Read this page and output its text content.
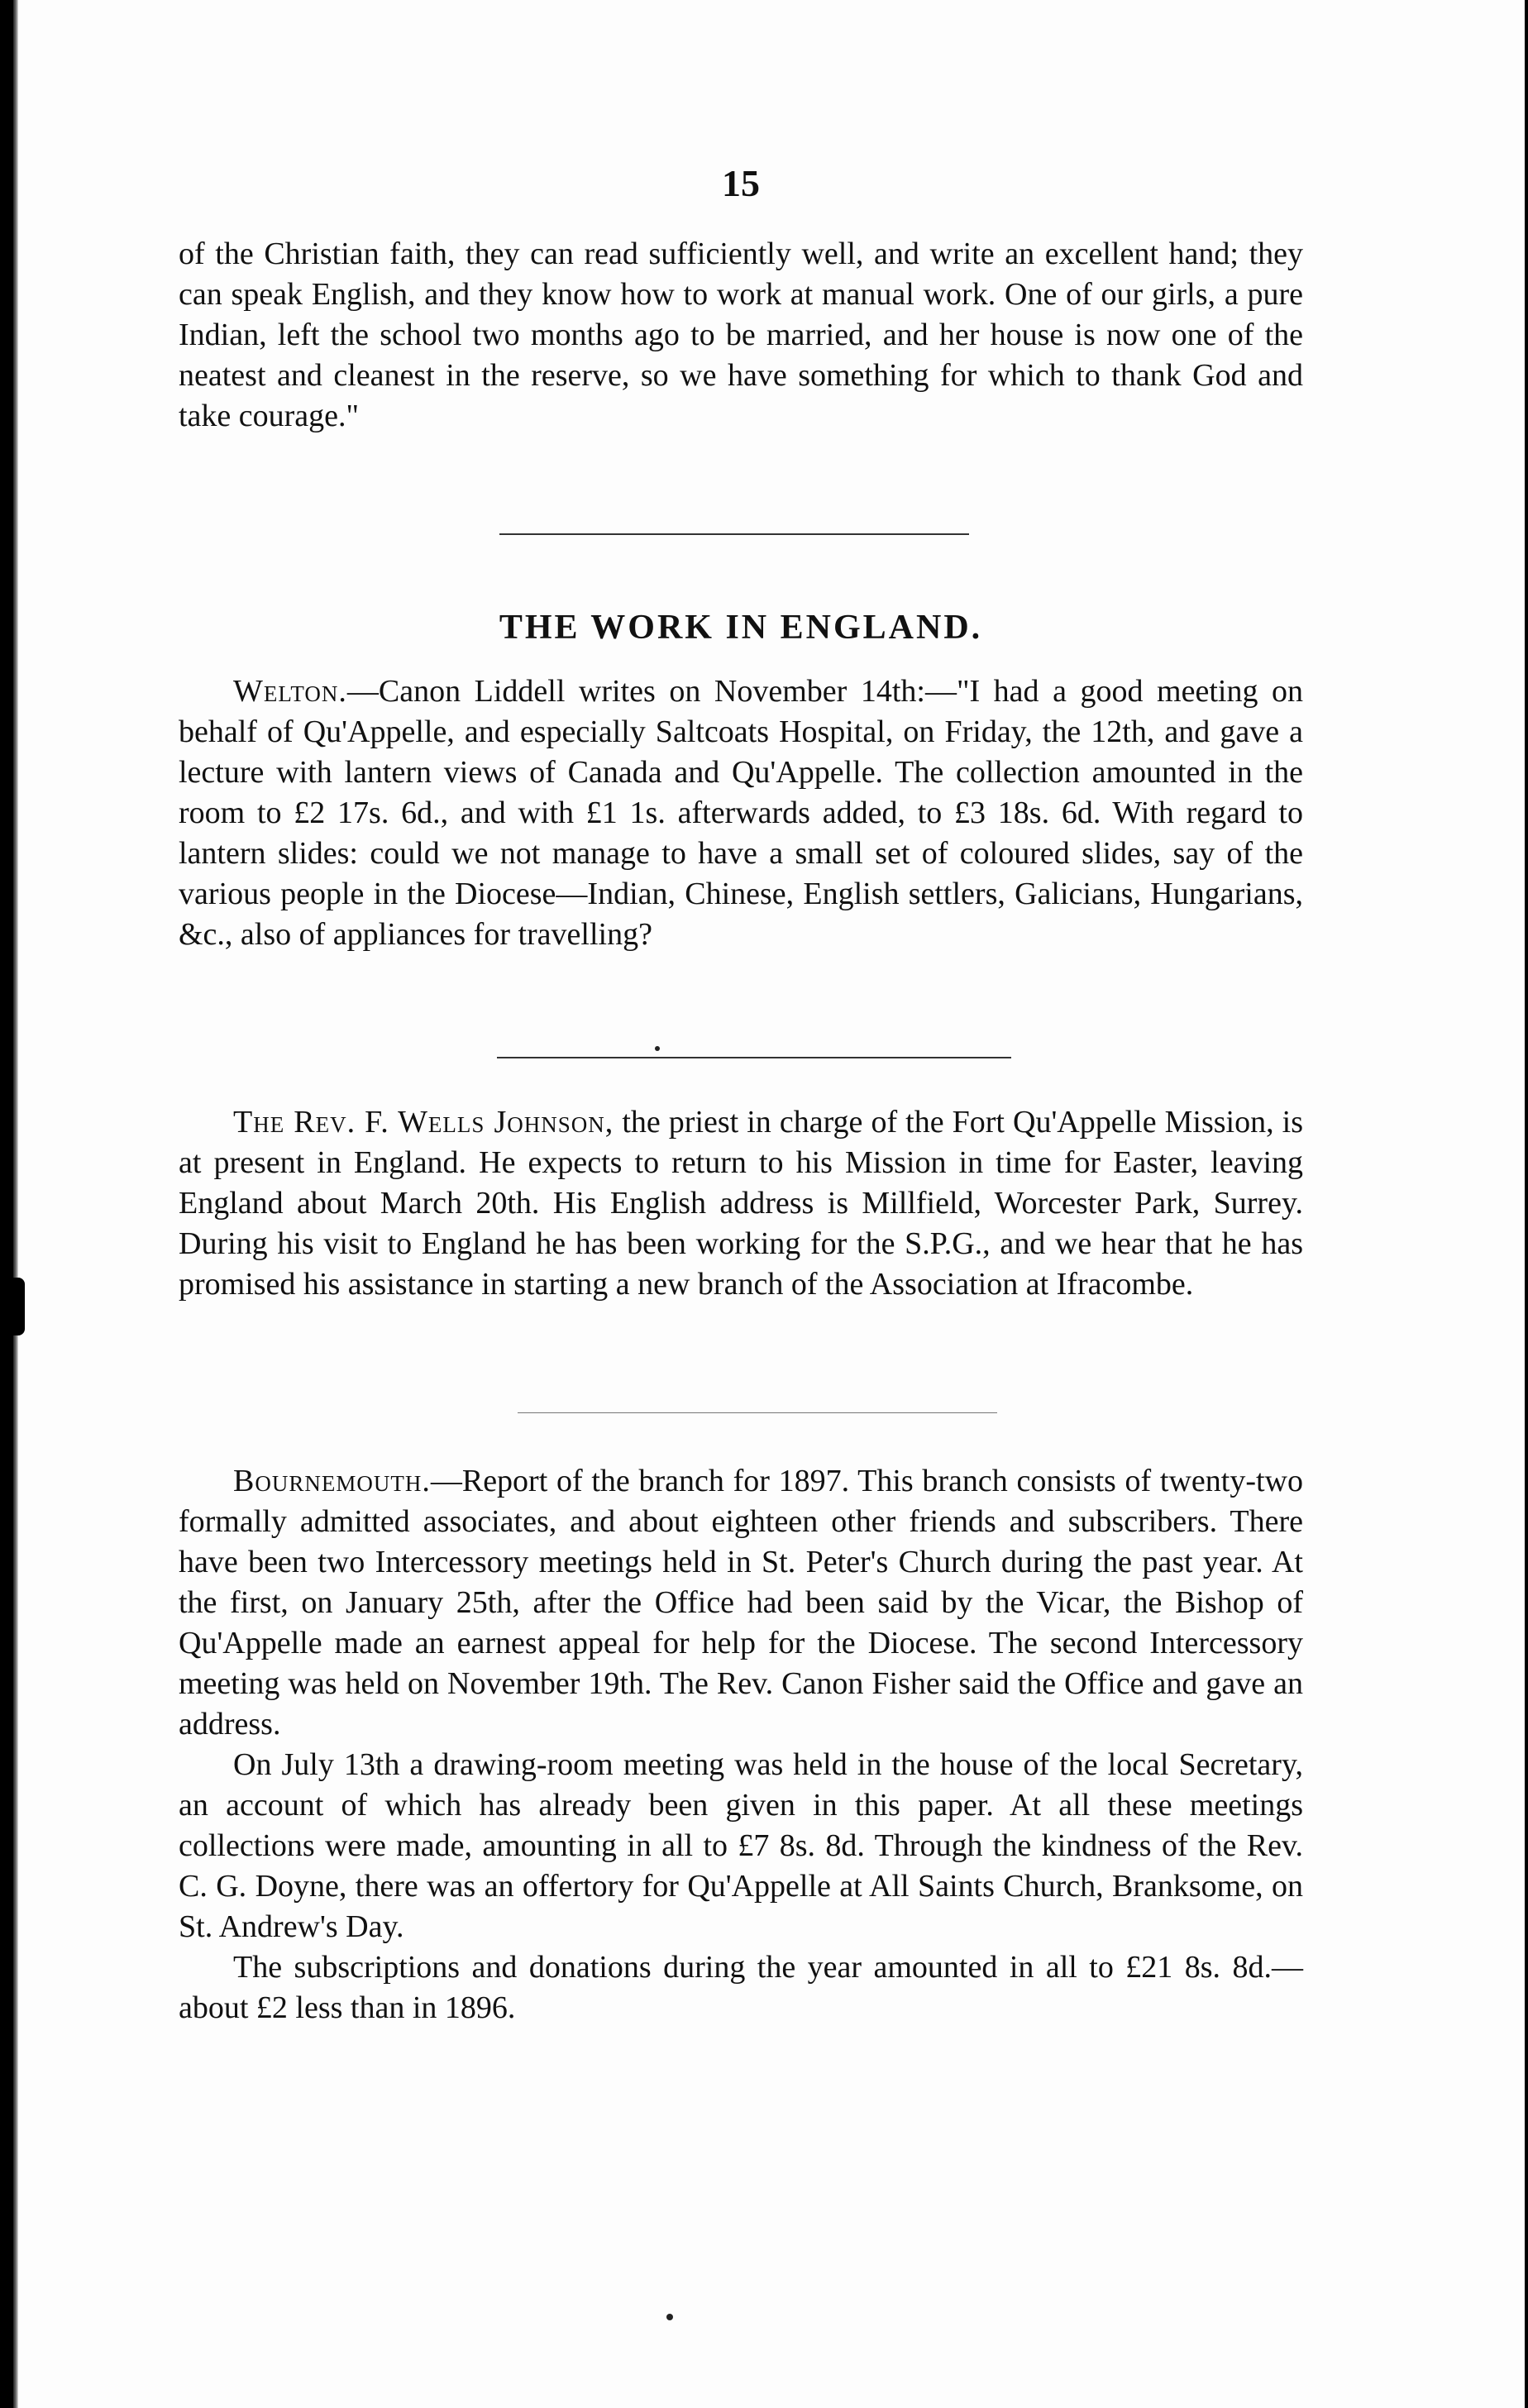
15

of the Christian faith, they can read sufficiently well, and write an excellent hand; they can speak English, and they know how to work at manual work. One of our girls, a pure Indian, left the school two months ago to be married, and her house is now one of the neatest and cleanest in the reserve, so we have something for which to thank God and take courage."

THE WORK IN ENGLAND.

Welton.—Canon Liddell writes on November 14th:—"I had a good meeting on behalf of Qu'Appelle, and especially Saltcoats Hospital, on Friday, the 12th, and gave a lecture with lantern views of Canada and Qu'Appelle. The collection amounted in the room to £2 17s. 6d., and with £1 1s. afterwards added, to £3 18s. 6d. With regard to lantern slides: could we not manage to have a small set of coloured slides, say of the various people in the Diocese—Indian, Chinese, English settlers, Galicians, Hungarians, &c., also of appliances for travelling?

The Rev. F. Wells Johnson, the priest in charge of the Fort Qu'Appelle Mission, is at present in England. He expects to return to his Mission in time for Easter, leaving England about March 20th. His English address is Millfield, Worcester Park, Surrey. During his visit to England he has been working for the S.P.G., and we hear that he has promised his assistance in starting a new branch of the Association at Ifracombe.

Bournemouth.—Report of the branch for 1897. This branch consists of twenty-two formally admitted associates, and about eighteen other friends and subscribers. There have been two Intercessory meetings held in St. Peter's Church during the past year. At the first, on January 25th, after the Office had been said by the Vicar, the Bishop of Qu'Appelle made an earnest appeal for help for the Diocese. The second Intercessory meeting was held on November 19th. The Rev. Canon Fisher said the Office and gave an address.

On July 13th a drawing-room meeting was held in the house of the local Secretary, an account of which has already been given in this paper. At all these meetings collections were made, amounting in all to £7 8s. 8d. Through the kindness of the Rev. C. G. Doyne, there was an offertory for Qu'Appelle at All Saints Church, Branksome, on St. Andrew's Day.

The subscriptions and donations during the year amounted in all to £21 8s. 8d.—about £2 less than in 1896.
